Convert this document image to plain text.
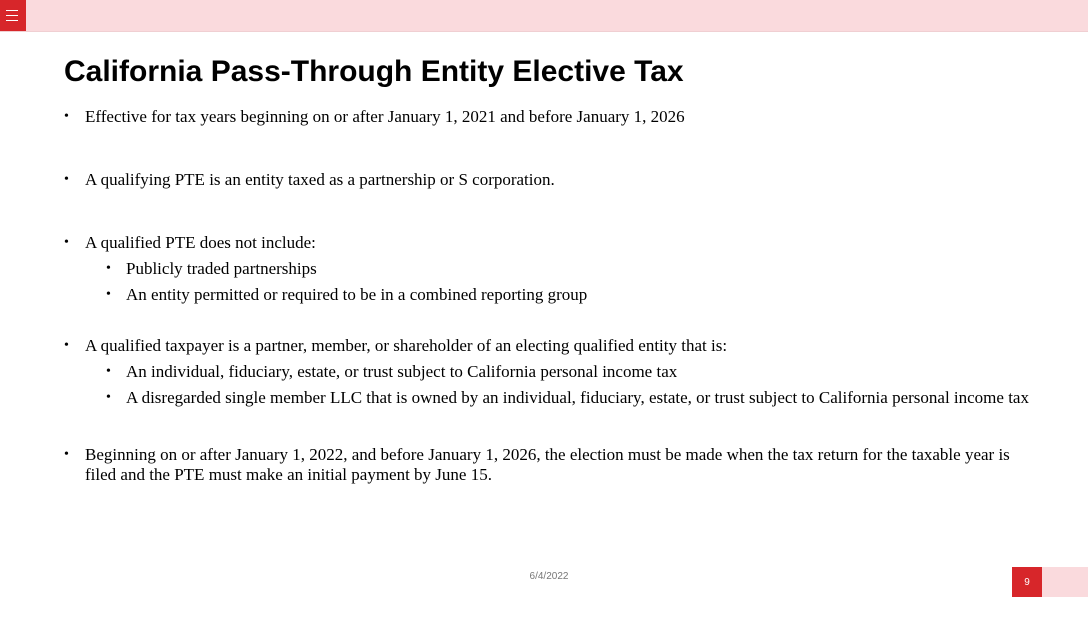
California Pass-Through Entity Elective Tax
• Effective for tax years beginning on or after January 1, 2021 and before January 1, 2026
• A qualifying PTE is an entity taxed as a partnership or S corporation.
• A qualified PTE does not include:
• Publicly traded partnerships
• An entity permitted or required to be in a combined reporting group
• A qualified taxpayer is a partner, member, or shareholder of an electing qualified entity that is:
• An individual, fiduciary, estate, or trust subject to California personal income tax
• A disregarded single member LLC that is owned by an individual, fiduciary, estate, or trust subject to California personal income tax
• Beginning on or after January 1, 2022, and before January 1, 2026, the election must be made when the tax return for the taxable year is filed and the PTE must make an initial payment by June 15.
6/4/2022	9
